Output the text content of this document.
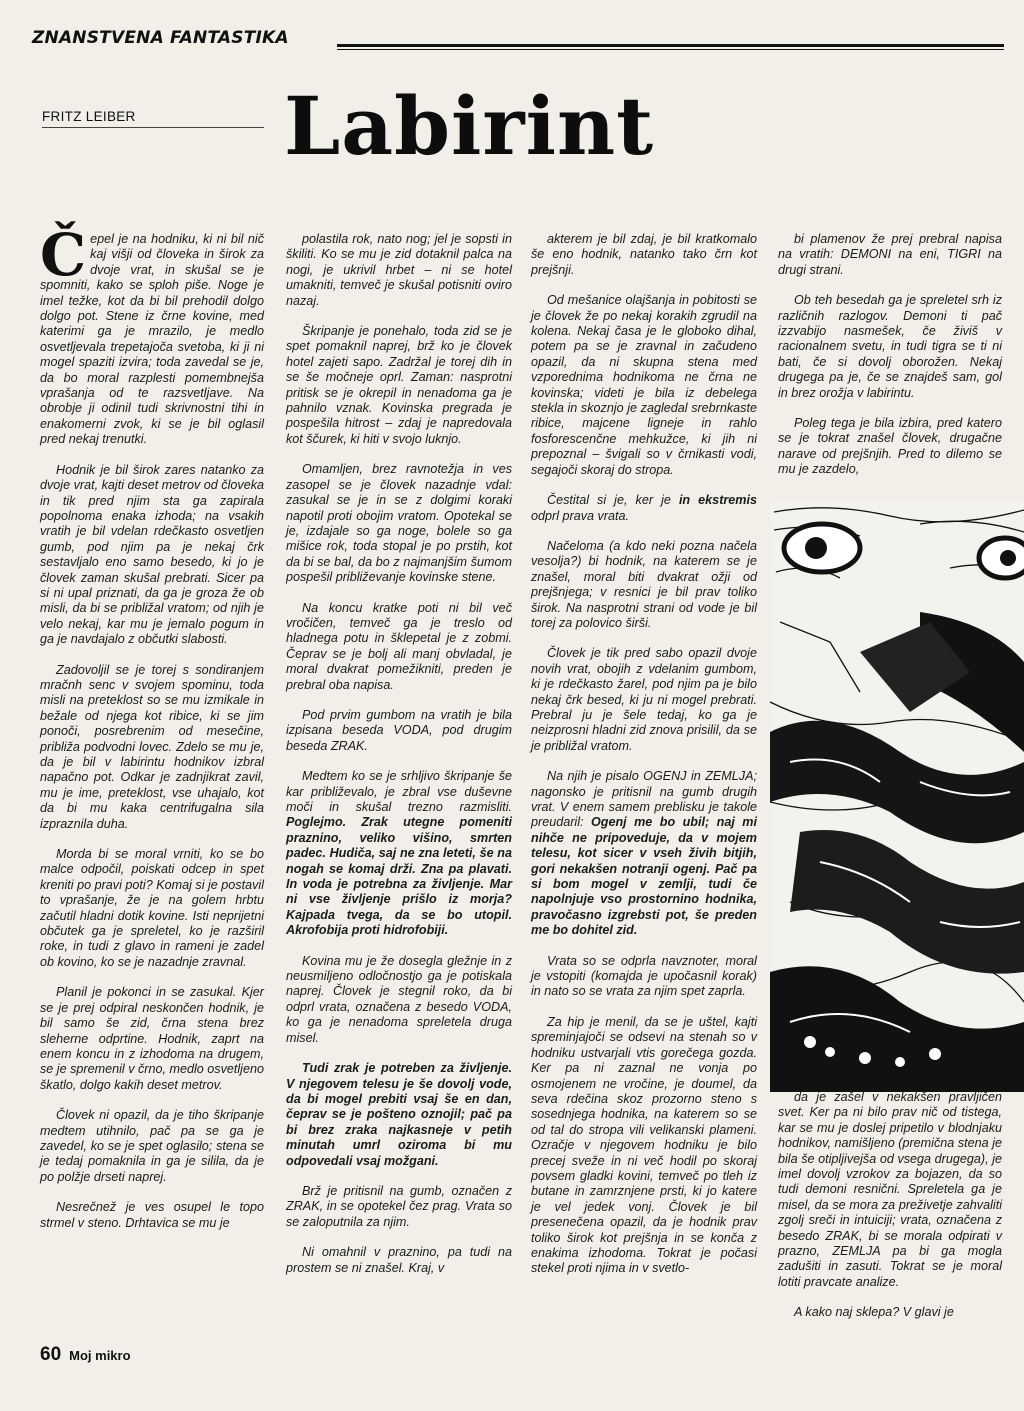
ZNANSTVENA FANTASTIKA
FRITZ LEIBER Labirint

Čepel je na hodniku, ki ni bil nič kaj višji od človeka in širok za dvoje vrat, in skušal se je spomniti, kako se sploh piše. Noge je imel težke, kot da bi bil prehodil dolgo dolgo pot. Stene iz črne kovine, med katerimi ga je mrazilo, je medlo osvetljevala trepetajoča svetoba, ki ji ni mogel spaziti izvira; toda zavedal se je, da bo moral razplesti pomembnejša vprašanja od te razsvetljave. Na obrobje ji odinil tudi skrivnostni tihi in enakomerni zvok, ki se je bil oglasil pred nekaj trenutki.

Hodnik je bil širok zares natanko za dvoje vrat, kajti deset metrov od človeka in tik pred njim sta ga zapirala popolnoma enaka izhoda; na vsakih vratih je bil vdelan rdečkasto osvetljen gumb, pod njim pa je nekaj črk sestavljalo eno samo besedo, ki jo je človek zaman skušal prebrati. Sicer pa si ni upal priznati, da ga je groza že ob misli, da bi se približal vratom; od njih je velo nekaj, kar mu je jemalo pogum in ga je navdajalo z občutki slabosti.

Zadovoljil se je torej s sondiranjem mračnh senc v svojem spominu, toda misli na preteklost so se mu izmikale in bežale od njega kot ribice, ki se jim ponoči, posrebrenim od mesečine, približa podvodni lovec. Zdelo se mu je, da je bil v labirintu hodnikov izbral napačno pot. Odkar je zadnjikrat zavil, mu je ime, preteklost, vse uhajalo, kot da bi mu kaka centrifugalna sila izpraznila duha.

Morda bi se moral vrniti, ko se bo malce odpočil, poiskati odcep in spet kreniti po pravi poti? Komaj si je postavil to vprašanje, že je na golem hrbtu začutil hladni dotik kovine. Isti neprijetni občutek ga je spreletel, ko je razširil roke, in tudi z glavo in rameni je zadel ob kovino, ko se je nazadnje zravnal.

Planil je pokonci in se zasukal. Kjer se je prej odpiral neskončen hodnik, je bil samo še zid, črna stena brez sleherne odprtine. Hodnik, zaprt na enem koncu in z izhodoma na drugem, se je spremenil v črno, medlo osvetljeno škatlo, dolgo kakih deset metrov.

Človek ni opazil, da je tiho škripanje medtem utihnilo, pač pa se ga je zavedel, ko se je spet oglasilo; stena se je tedaj pomaknila in ga je silila, da je po polžje drseti naprej.

Nesrečnež je ves osupel le topo strmel v steno. Drhtavica se mu je

polastila rok, nato nog; jel je sopsti in škiliti. Ko se mu je zid dotaknil palca na nogi, je ukrivil hrbet – ni se hotel umakniti, temveč je skušal potisniti oviro nazaj.

Škripanje je ponehalo, toda zid se je spet pomaknil naprej, brž ko je človek hotel zajeti sapo. Zadržal je torej dih in se še močneje oprl. Zaman: nasprotni pritisk se je okrepil in nenadoma ga je pahnilo vznak. Kovinska pregrada je pospešila hitrost – zdaj je napredovala kot ščurek, ki hiti v svojo luknjo.

Omamljen, brez ravnotežja in ves zasopel se je človek nazadnje vdal: zasukal se je in se z dolgimi koraki napotil proti obojim vratom. Opotekal se je, izdajale so ga noge, bolele so ga mišice rok, toda stopal je po prstih, kot da bi se bal, da bo z najmanjšim šumom pospešil približevanje kovinske stene.

Na koncu kratke poti ni bil več vročičen, temveč ga je treslo od hladnega potu in šklepetal je z zobmi. Čeprav se je bolj ali manj obvladal, je moral dvakrat pomežikniti, preden je prebral oba napisa.

Pod prvim gumbom na vratih je bila izpisana beseda VODA, pod drugim beseda ZRAK.

Medtem ko se je srhljivo škripanje še kar približevalo, je zbral vse duševne moči in skušal trezno razmisliti. Poglejmo. Zrak utegne pomeniti praznino, veliko višino, smrten padec. Hudiča, saj ne zna leteti, še na nogah se komaj drži. Zna pa plavati. In voda je potrebna za življenje. Mar ni vse življenje prišlo iz morja? Kajpada tvega, da se bo utopil. Akrofobija proti hidrofobiji.

Kovina mu je že dosegla gležnje in z neusmiljeno odločnostjo ga je potiskala naprej. Človek je stegnil roko, da bi odprl vrata, označena z besedo VODA, ko ga je nenadoma spreletela druga misel.

Tudi zrak je potreben za življenje. V njegovem telesu je še dovolj vode, da bi mogel prebiti vsaj še en dan, čeprav se je pošteno oznojil; pač pa bi brez zraka najkasneje v petih minutah umrl oziroma bi mu odpovedali vsaj možgani.

Brž je pritisnil na gumb, označen z ZRAK, in se opotekel čez prag. Vrata so se zaloputnila za njim.

Ni omahnil v praznino, pa tudi na prostem se ni znašel. Kraj, v

akterem je bil zdaj, je bil kratkomalo še eno hodnik, natanko tako črn kot prejšnji.

Od mešanice olajšanja in pobitosti se je človek že po nekaj korakih zgrudil na kolena. Nekaj časa je le globoko dihal, potem pa se je zravnal in začudeno opazil, da ni skupna stena med vzporednima hodnikoma ne črna ne kovinska; videti je bila iz debelega stekla in skoznjo je zagledal srebrnkaste ribice, majcene ligneje in rahlo fosforescenčne mehkužce, ki jih ni prepoznal – švigali so v črnikasti vodi, segajoči skoraj do stropa.

Čestital si je, ker je in ekstremis odprl prava vrata.

Načeloma (a kdo neki pozna načela vesolja?) bi hodnik, na katerem se je znašel, moral biti dvakrat ožji od prejšnjega; v resnici je bil prav toliko širok. Na nasprotni strani od vode je bil torej za polovico širši.

Človek je tik pred sabo opazil dvoje novih vrat, obojih z vdelanim gumbom, ki je rdečkasto žarel, pod njim pa je bilo nekaj črk besed, ki ju ni mogel prebrati. Prebral ju je šele tedaj, ko ga je neizprosni hladni zid znova prisilil, da se je približal vratom.

Na njih je pisalo OGENJ in ZEMLJA; nagonsko je pritisnil na gumb drugih vrat. V enem samem preblisku je takole preudaril: Ogenj me bo ubil; naj mi nihče ne pripoveduje, da v mojem telesu, kot sicer v vseh živih bitjih, gori nekakšen notranji ogenj. Pač pa si bom mogel v zemlji, tudi če napolnjuje vso prostornino hodnika, pravočasno izgrebsti pot, še preden me bo dohitel zid.

Vrata so se odprla navznoter, moral je vstopiti (komajda je upočasnil korak) in nato so se vrata za njim spet zaprla.

Za hip je menil, da se je uštel, kajti spreminjajoči se odsevi na stenah so v hodniku ustvarjali vtis gorečega gozda. Ker pa ni zaznal ne vonja po osmojenem ne vročine, je doumel, da seva rdečina skoz prozorno steno s sosednjega hodnika, na katerem so se od tal do stropa vili velikanski plameni. Ozračje v njegovem hodniku je bilo precej sveže in ni več hodil po skoraj povsem gladki kovini, temveč po tleh iz butane in zamrznjene prsti, ki jo katere je vel jedek vonj. Človek je bil presenečena opazil, da je hodnik prav toliko širok kot prejšnja in se konča z enakima izhodoma. Tokrat je počasi stekel proti njima in v svetlo-

bi plamenov že prej prebral napisa na vratih: DEMONI na eni, TIGRI na drugi strani.

Ob teh besedah ga je spreletel srh iz različnih razlogov. Demoni ti pač izzvabijo nasmešek, če živiš v racionalnem svetu, in tudi tigra se ti ni bati, če si dovolj oborožen. Nekaj drugega pa je, če se znajdeš sam, gol in brez orožja v labirintu.

Poleg tega je bila izbira, pred katero se je tokrat znašel človek, drugačne narave od prejšnjih. Pred to dilemo se mu je zazdelo,

da je zašel v nekakšen pravljičen svet. Ker pa ni bilo prav nič od tistega, kar se mu je doslej pripetilo v blodnjaku hodnikov, namišljeno (premična stena je bila še otipljivejša od vsega drugega), je imel dovolj vzrokov za bojazen, da so tudi demoni resnični. Spreletela ga je misel, da se mora za preživetje zahvaliti zgolj sreči in intuiciji; vrata, označena z besedo ZRAK, bi se morala odpirati v prazno, ZEMLJA pa bi ga mogla zadušiti in zasuti. Tokrat se je moral lotiti pravcate analize.

A kako naj sklepa? V glavi je

60 Moj mikro
